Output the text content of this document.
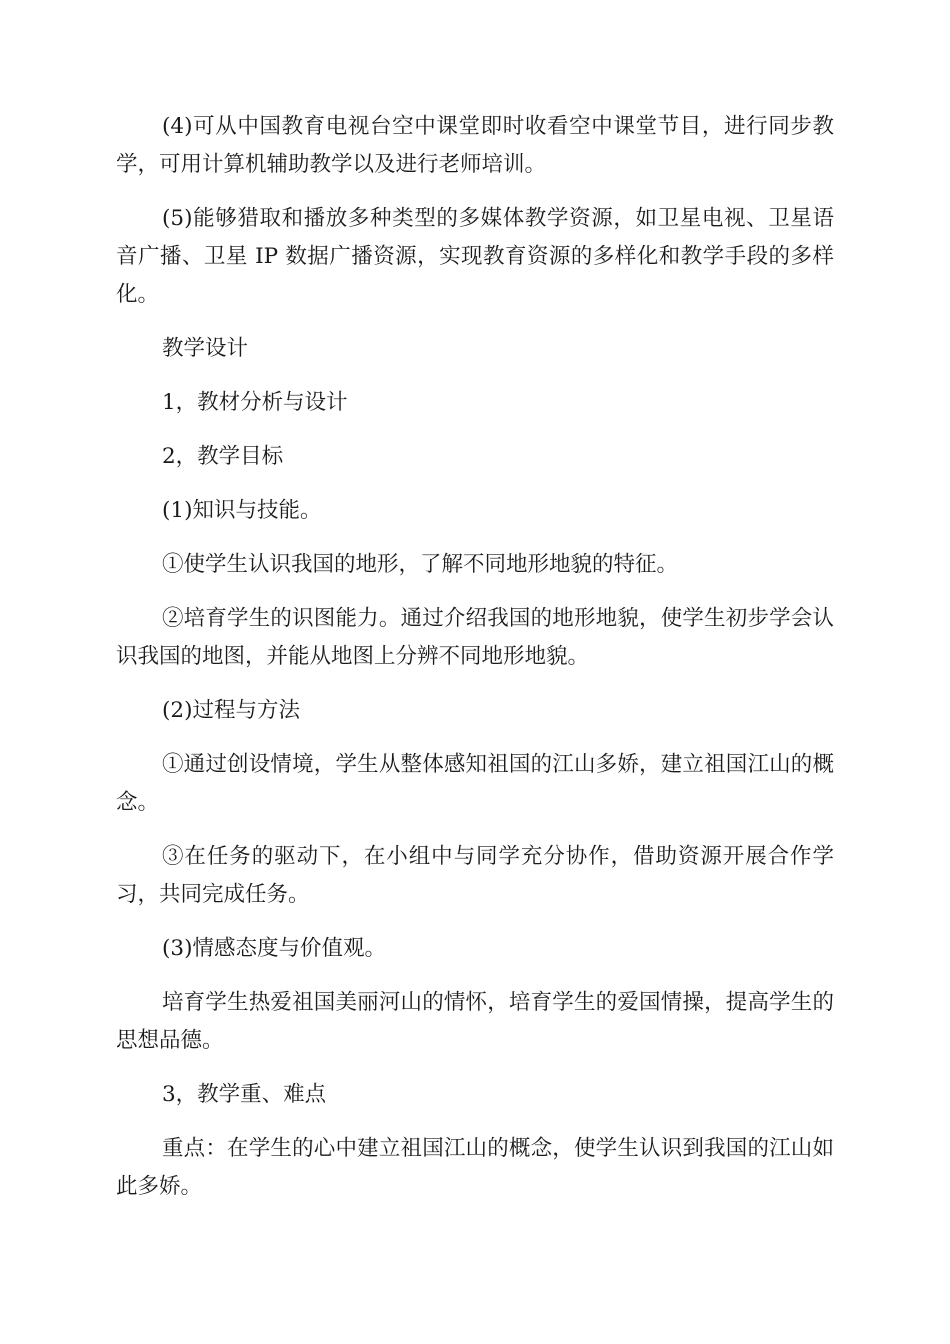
(4)可从中国教育电视台空中课堂即时收看空中课堂节目，进行同步教学，可用计算机辅助教学以及进行老师培训。

(5)能够猎取和播放多种类型的多媒体教学资源，如卫星电视、卫星语音广播、卫星 IP 数据广播资源，实现教育资源的多样化和教学手段的多样化。

教学设计

1，教材分析与设计

2，教学目标

(1)知识与技能。

①使学生认识我国的地形，了解不同地形地貌的特征。

②培育学生的识图能力。通过介绍我国的地形地貌，使学生初步学会认识我国的地图，并能从地图上分辨不同地形地貌。

(2)过程与方法

①通过创设情境，学生从整体感知祖国的江山多娇，建立祖国江山的概念。

③在任务的驱动下，在小组中与同学充分协作，借助资源开展合作学习，共同完成任务。

(3)情感态度与价值观。

培育学生热爱祖国美丽河山的情怀，培育学生的爱国情操，提高学生的思想品德。

3，教学重、难点

重点：在学生的心中建立祖国江山的概念，使学生认识到我国的江山如此多娇。
